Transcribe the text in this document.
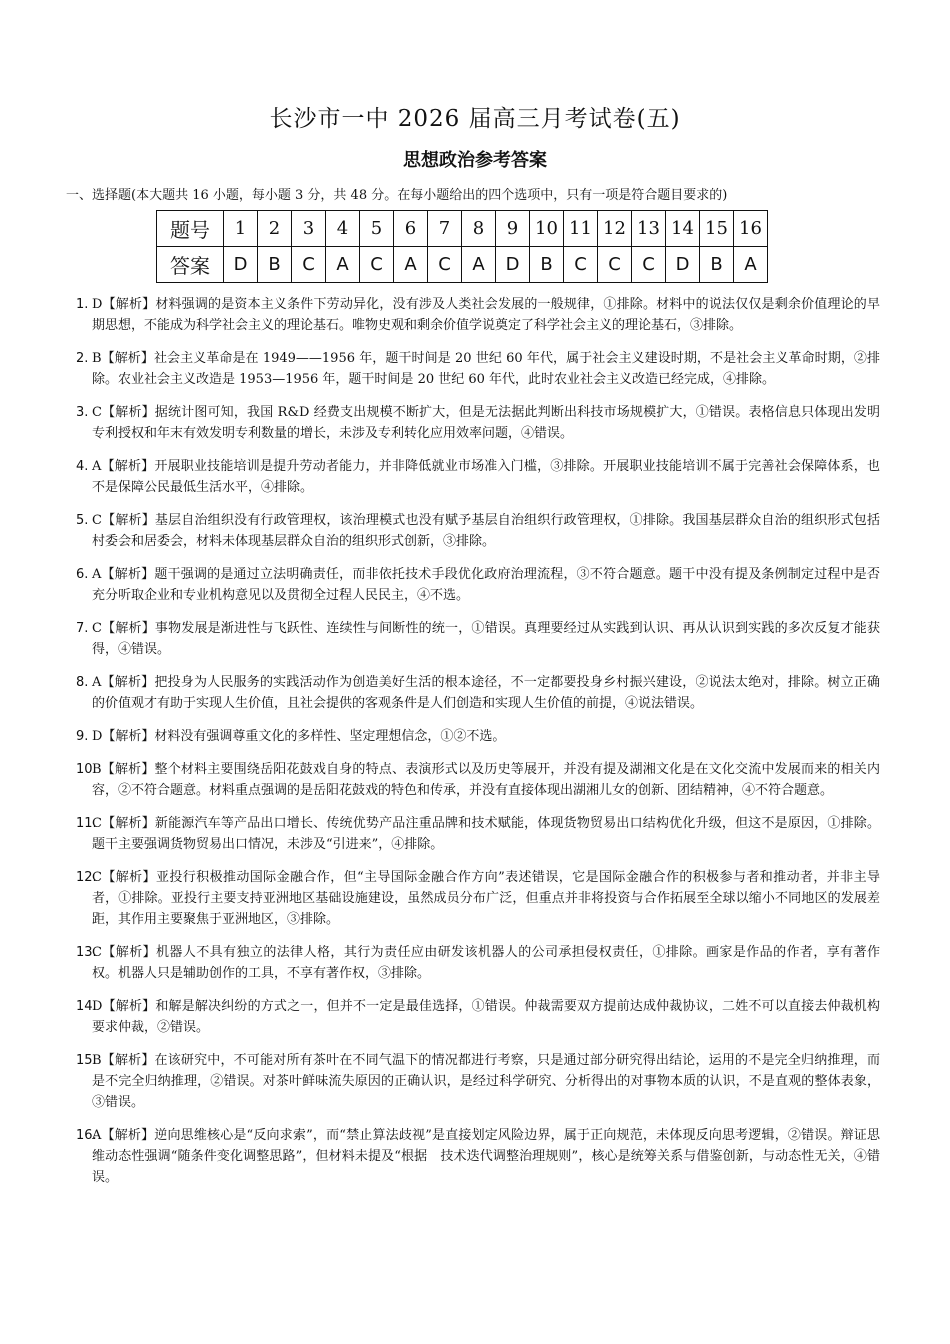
长沙市一中 2026 届高三月考试卷(五)
思想政治参考答案
一、选择题(本大题共 16 小题，每小题 3 分，共 48 分。在每小题给出的四个选项中，只有一项是符合题目要求的)
题号	1	2	3	4	5	6	7	8	9	10	11	12	13	14	15	16
答案	D	B	C	A	C	A	C	A	D	B	C	C	C	D	B	A
1. D【解析】材料强调的是资本主义条件下劳动异化，没有涉及人类社会发展的一般规律，①排除。材料中的说法仅仅是剩余价值理论的早期思想，不能成为科学社会主义的理论基石。唯物史观和剩余价值学说奠定了科学社会主义的理论基石，③排除。
2. B【解析】社会主义革命是在 1949——1956 年，题干时间是 20 世纪 60 年代，属于社会主义建设时期，不是社会主义革命时期，②排除。农业社会主义改造是 1953—1956 年，题干时间是 20 世纪 60 年代，此时农业社会主义改造已经完成，④排除。
3. C【解析】据统计图可知，我国 R&D 经费支出规模不断扩大，但是无法据此判断出科技市场规模扩大，①错误。表格信息只体现出发明专利授权和年末有效发明专利数量的增长，未涉及专利转化应用效率问题，④错误。
4. A【解析】开展职业技能培训是提升劳动者能力，并非降低就业市场准入门槛，③排除。开展职业技能培训不属于完善社会保障体系，也不是保障公民最低生活水平，④排除。
5. C【解析】基层自治组织没有行政管理权，该治理模式也没有赋予基层自治组织行政管理权，①排除。我国基层群众自治的组织形式包括村委会和居委会，材料未体现基层群众自治的组织形式创新，③排除。
6. A【解析】题干强调的是通过立法明确责任，而非依托技术手段优化政府治理流程，③不符合题意。题干中没有提及条例制定过程中是否充分听取企业和专业机构意见以及贯彻全过程人民民主，④不选。
7. C【解析】事物发展是渐进性与飞跃性、连续性与间断性的统一，①错误。真理要经过从实践到认识、再从认识到实践的多次反复才能获得，④错误。
8. A【解析】把投身为人民服务的实践活动作为创造美好生活的根本途径，不一定都要投身乡村振兴建设，②说法太绝对，排除。树立正确的价值观才有助于实现人生价值，且社会提供的客观条件是人们创造和实现人生价值的前提，④说法错误。
9. D【解析】材料没有强调尊重文化的多样性、坚定理想信念，①②不选。
10.
B【解析】整个材料主要围绕岳阳花鼓戏自身的特点、表演形式以及历史等展开，并没有提及湖湘文化是在文化交流中发展而来的相关内容，②不符合题意。材料重点强调的是岳阳花鼓戏的特色和传承，并没有直接体现出湖湘儿女的创新、团结精神，④不符合题意。
11.
C【解析】新能源汽车等产品出口增长、传统优势产品注重品牌和技术赋能，体现货物贸易出口结构优化升级，但这不是原因，①排除。题干主要强调货物贸易出口情况，未涉及“引进来”，④排除。
12.
C【解析】亚投行积极推动国际金融合作，但“主导国际金融合作方向”表述错误，它是国际金融合作的积极参与者和推动者，并非主导者，①排除。亚投行主要支持亚洲地区基础设施建设，虽然成员分布广泛，但重点并非将投资与合作拓展至全球以缩小不同地区的发展差距，其作用主要聚焦于亚洲地区，③排除。
13.
C【解析】机器人不具有独立的法律人格，其行为责任应由研发该机器人的公司承担侵权责任，①排除。画家是作品的作者，享有著作权。机器人只是辅助创作的工具，不享有著作权，③排除。
14.
D【解析】和解是解决纠纷的方式之一，但并不一定是最佳选择，①错误。仲裁需要双方提前达成仲裁协议，二姓不可以直接去仲裁机构要求仲裁，②错误。
15.
B【解析】在该研究中，不可能对所有茶叶在不同气温下的情况都进行考察，只是通过部分研究得出结论，运用的不是完全归纳推理，而是不完全归纳推理，②错误。对茶叶鲜味流失原因的正确认识，是经过科学研究、分析得出的对事物本质的认识，不是直观的整体表象，③错误。
16.
A【解析】逆向思维核心是“反向求索”，而“禁止算法歧视”是直接划定风险边界，属于正向规范，未体现反向思考逻辑，②错误。辩证思维动态性强调“随条件变化调整思路”，但材料未提及“根据　技术迭代调整治理规则”，核心是统筹关系与借鉴创新，与动态性无关，④错误。
